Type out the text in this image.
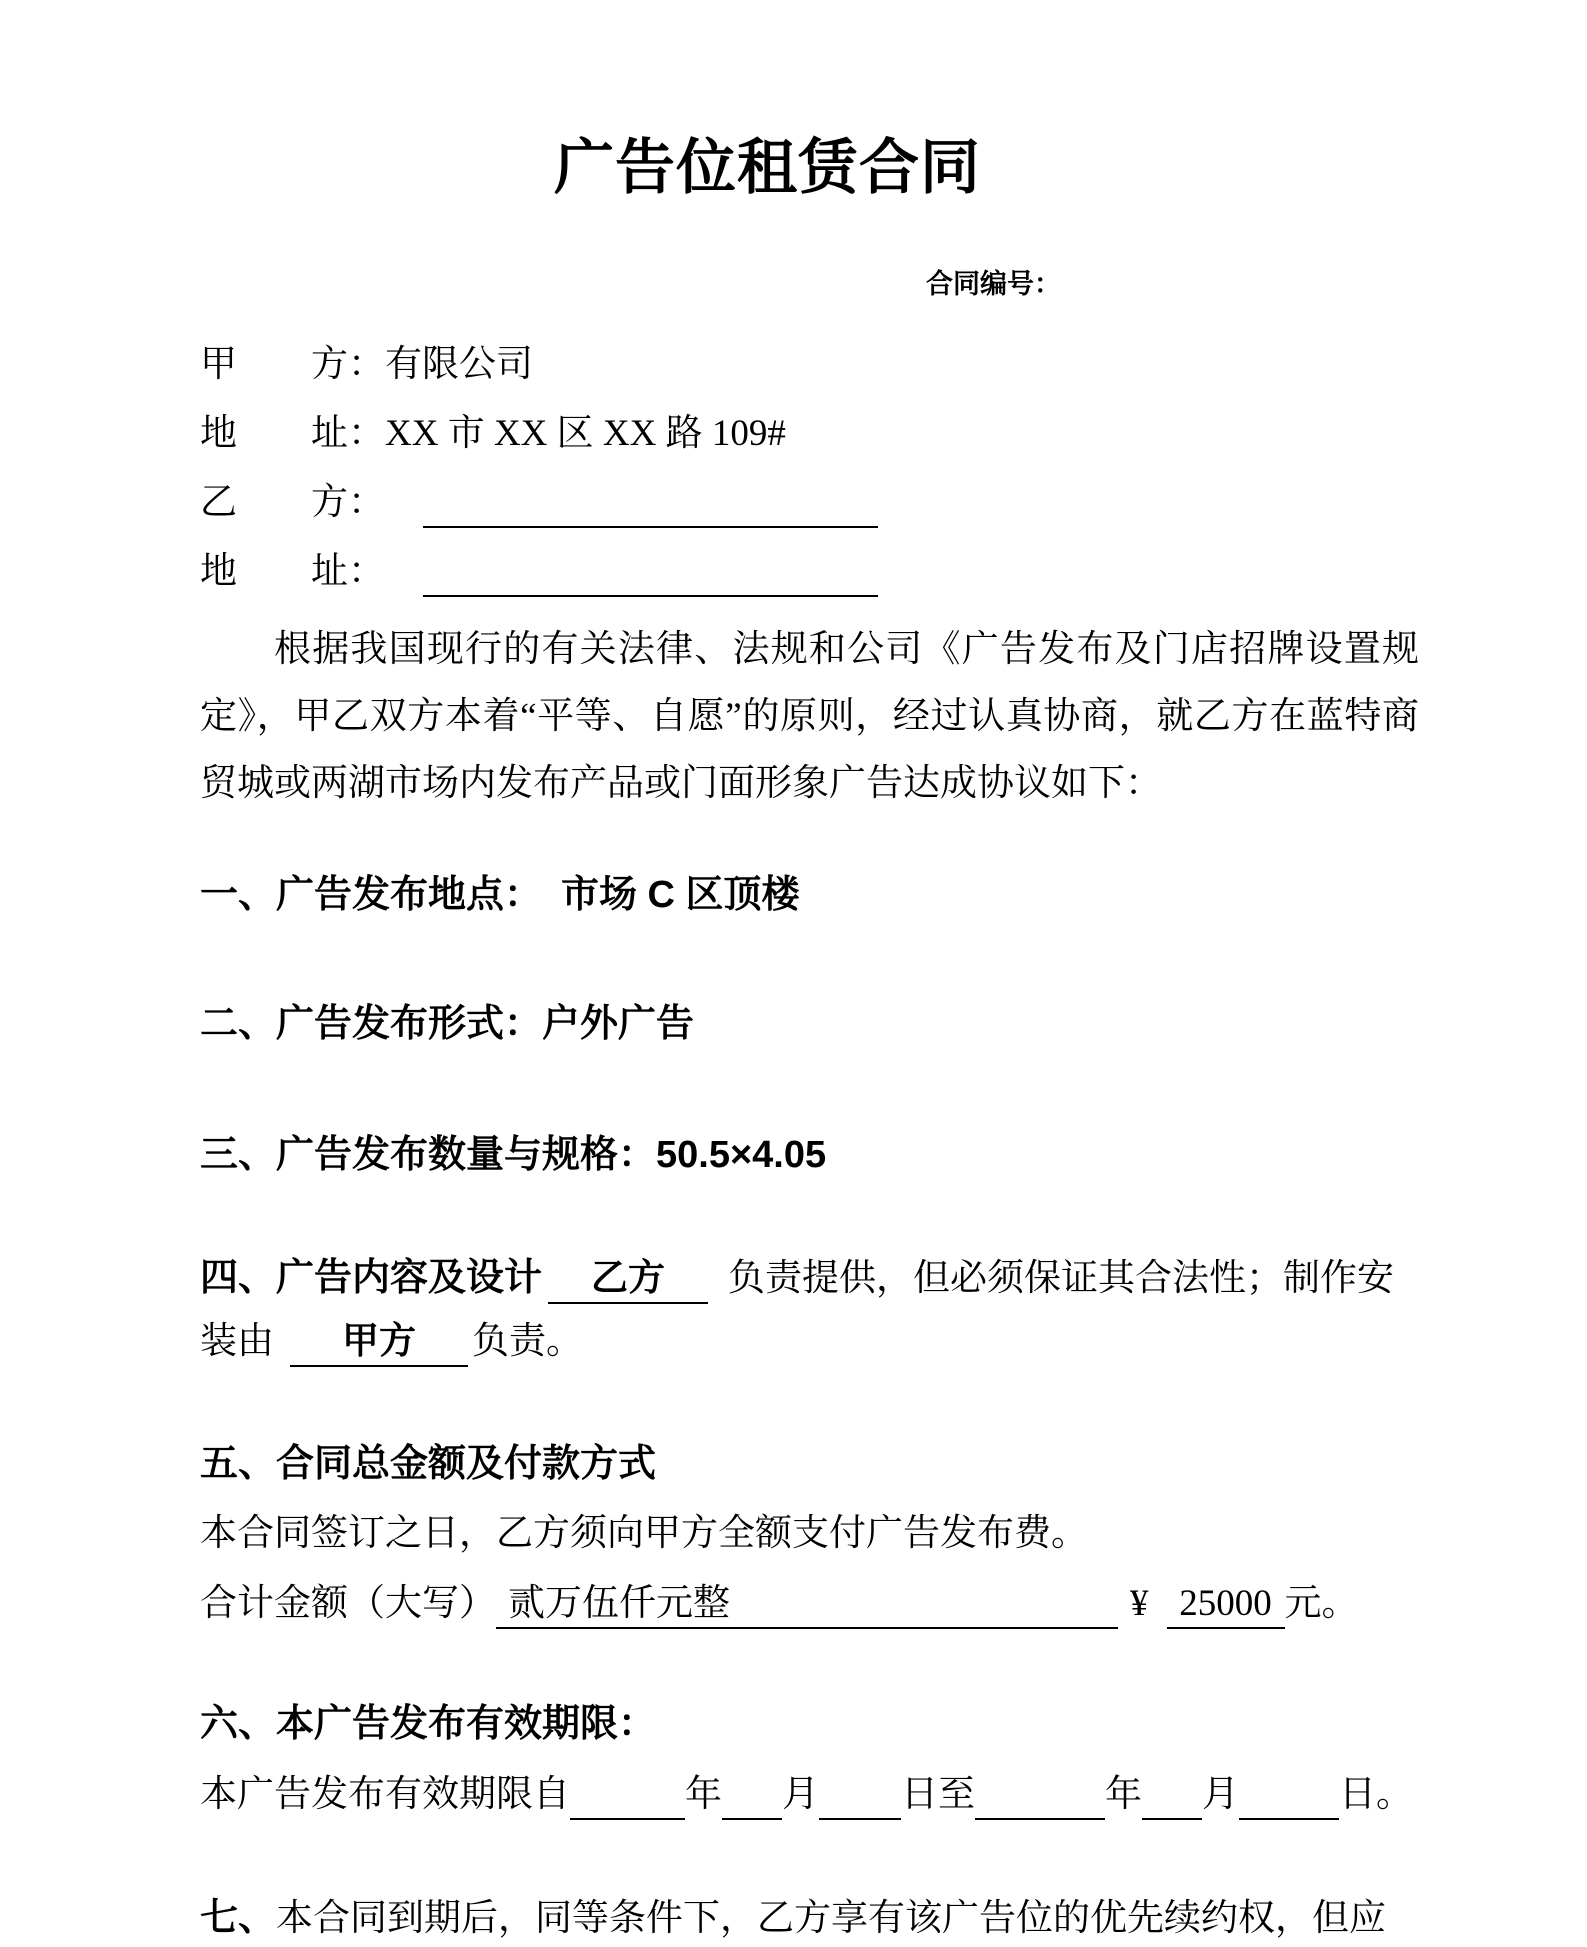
广告位租赁合同
合同编号：
甲　　方：有限公司
地　　址：XX 市 XX 区 XX 路 109#
乙　　方：
地　　址：
根据我国现行的有关法律、法规和公司《广告发布及门店招牌设置规定》，甲乙双方本着“平等、自愿”的原则，经过认真协商，就乙方在蓝特商贸城或两湖市场内发布产品或门面形象广告达成协议如下：
一、广告发布地点：　市场 C 区顶楼
二、广告发布形式：户外广告
三、广告发布数量与规格：50.5×4.05
四、广告内容及设计 乙方 负责提供，但必须保证其合法性；制作安
装由 甲方 负责。
五、合同总金额及付款方式
本合同签订之日，乙方须向甲方全额支付广告发布费。
合计金额（大写） 贰万伍仟元整	¥ 25000 元。
六、本广告发布有效期限：
本广告发布有效期限自	年 月 日至	年 月	日。
七、本合同到期后，同等条件下，乙方享有该广告位的优先续约权，但应
